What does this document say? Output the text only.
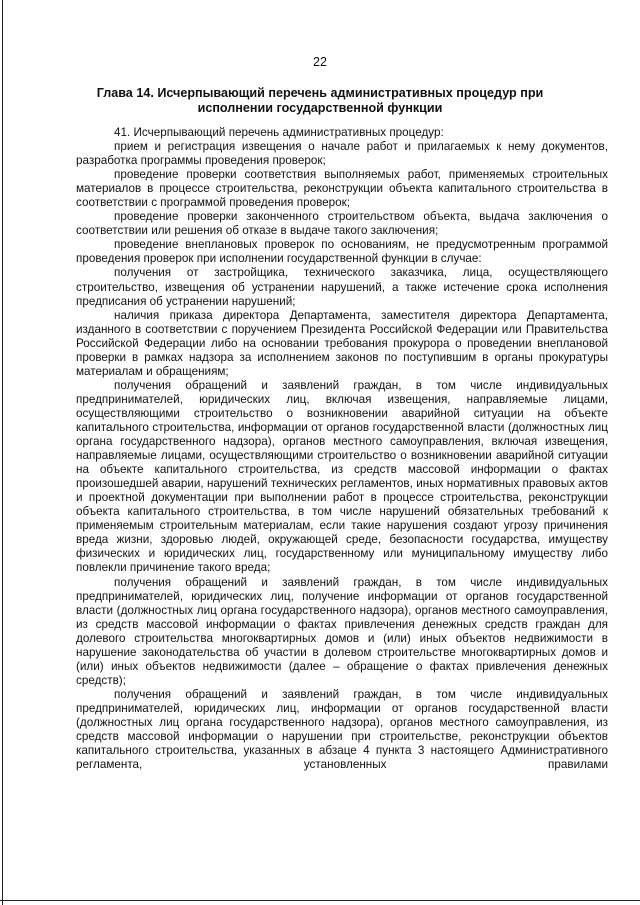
22
Глава 14. Исчерпывающий перечень административных процедур при исполнении государственной функции

41. Исчерпывающий перечень административных процедур:

прием и регистрация извещения о начале работ и прилагаемых к нему документов, разработка программы проведения проверок;

проведение проверки соответствия выполняемых работ, применяемых строительных материалов в процессе строительства, реконструкции объекта капитального строительства в соответствии с программой проведения проверок;

проведение проверки законченного строительством объекта, выдача заключения о соответствии или решения об отказе в выдаче такого заключения;

проведение внеплановых проверок по основаниям, не предусмотренным программой проведения проверок при исполнении государственной функции в случае:

получения от застройщика, технического заказчика, лица, осуществляющего строительство, извещения об устранении нарушений, а также истечение срока исполнения предписания об устранении нарушений;

наличия приказа директора Департамента, заместителя директора Департамента, изданного в соответствии с поручением Президента Российской Федерации или Правительства Российской Федерации либо на основании требования прокурора о проведении внеплановой проверки в рамках надзора за исполнением законов по поступившим в органы прокуратуры материалам и обращениям;

получения обращений и заявлений граждан, в том числе индивидуальных предпринимателей, юридических лиц, включая извещения, направляемые лицами, осуществляющими строительство о возникновении аварийной ситуации на объекте капитального строительства, информации от органов государственной власти (должностных лиц органа государственного надзора), органов местного самоуправления, включая извещения, направляемые лицами, осуществляющими строительство о возникновении аварийной ситуации на объекте капитального строительства, из средств массовой информации о фактах произошедшей аварии, нарушений технических регламентов, иных нормативных правовых актов и проектной документации при выполнении работ в процессе строительства, реконструкции объекта капитального строительства, в том числе нарушений обязательных требований к применяемым строительным материалам, если такие нарушения создают угрозу причинения вреда жизни, здоровью людей, окружающей среде, безопасности государства, имуществу физических и юридических лиц, государственному или муниципальному имуществу либо повлекли причинение такого вреда;

получения обращений и заявлений граждан, в том числе индивидуальных предпринимателей, юридических лиц, получение информации от органов государственной власти (должностных лиц органа государственного надзора), органов местного самоуправления, из средств массовой информации о фактах привлечения денежных средств граждан для долевого строительства многоквартирных домов и (или) иных объектов недвижимости в нарушение законодательства об участии в долевом строительстве многоквартирных домов и (или) иных объектов недвижимости (далее – обращение о фактах привлечения денежных средств);

получения обращений и заявлений граждан, в том числе индивидуальных предпринимателей, юридических лиц, информации от органов государственной власти (должностных лиц органа государственного надзора), органов местного самоуправления, из средств массовой информации о нарушении при строительстве, реконструкции объектов капитального строительства, указанных в абзаце 4 пункта 3 настоящего Административного регламента, установленных правилами
